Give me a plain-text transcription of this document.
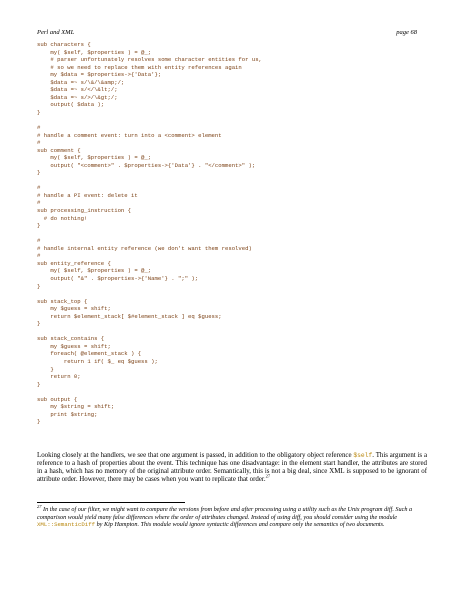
Perl and XML	page 68
sub characters {
my( $self, $properties ) = @_;
# parser unfortunately resolves some character entities for us,
# so we need to replace them with entity references again
my $data = $properties->{'Data'};
$data =~ s/\&/\&amp;/;
$data =~ s/</\&lt;/;
$data =~ s/>/\&gt;/;
output( $data );
}

#
# handle a comment event: turn into a <comment> element
#
sub comment {
my( $self, $properties ) = @_;
output( "<comment>" . $properties->{'Data'} . "</comment>" );
}

#
# handle a PI event: delete it
#
sub processing_instruction {
# do nothing!
}

#
# handle internal entity reference (we don't want them resolved)
#
sub entity_reference {
my( $self, $properties ) = @_;
output( "&" . $properties->{'Name'} . ";" );
}

sub stack_top {
my $guess = shift;
return $element_stack[ $#element_stack ] eq $guess;
}

sub stack_contains {
my $guess = shift;
foreach( @element_stack ) {
return 1 if( $_ eq $guess );
}
return 0;
}

sub output {
my $string = shift;
print $string;
}

Looking closely at the handlers, we see that one argument is passed, in addition to the obligatory object reference $self. This argument is a reference to a hash of properties about the event. This technique has one disadvantage: in the element start handler, the attributes are stored in a hash, which has no memory of the original attribute order. Semantically, this is not a big deal, since XML is supposed to be ignorant of attribute order. However, there may be cases when you want to replicate that order.$^{27}$

$^{27}$ In the case of our filter, we might want to compare the versions from before and after processing using a utility such as the Unix program diff. Such a comparison would yield many false differences where the order of attributes changed. Instead of using diff, you should consider using the module XML::SemanticDiff by Kip Hampton. This module would ignore syntactic differences and compare only the semantics of two documents.
